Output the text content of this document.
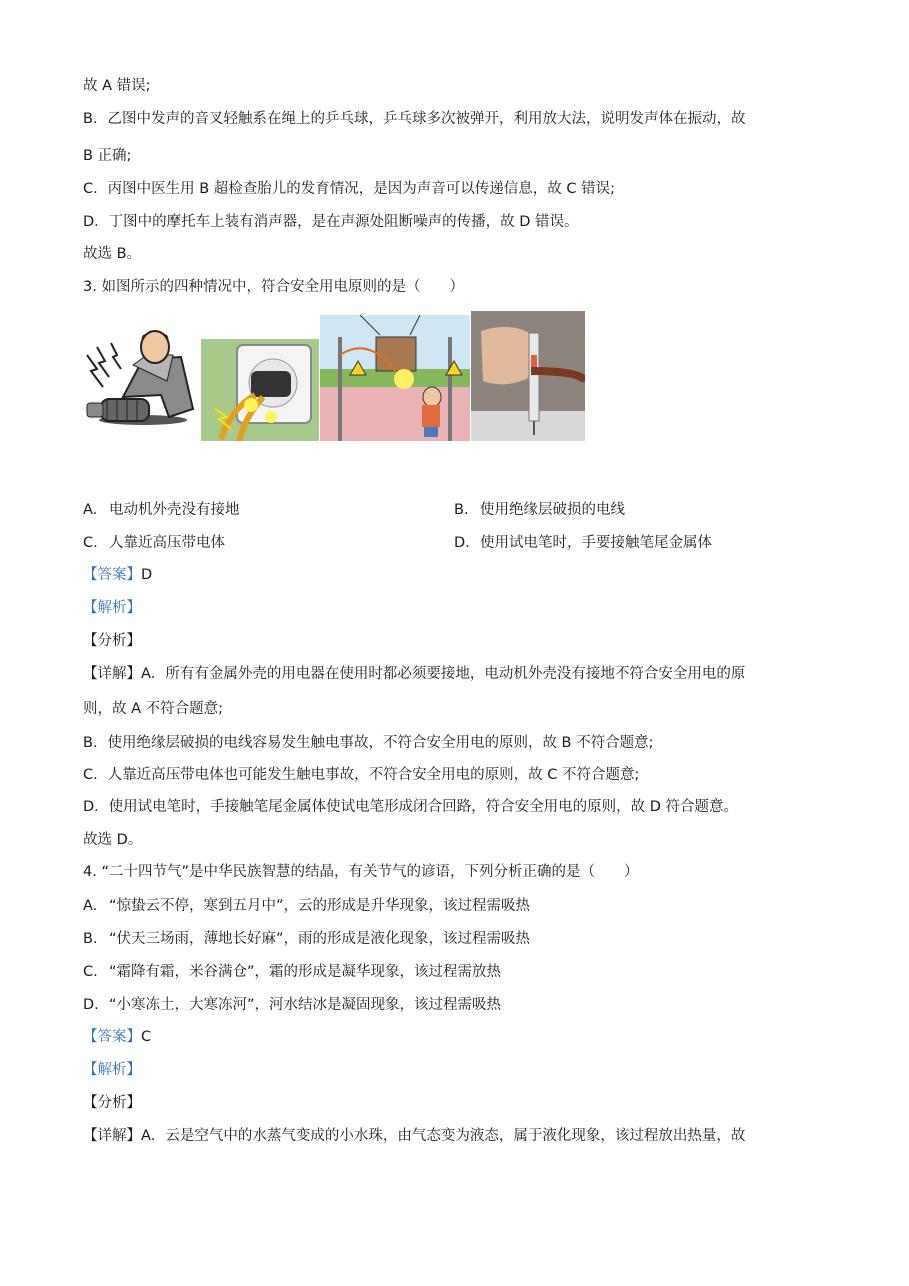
故 A 错误;
B．乙图中发声的音叉轻触系在绳上的乒乓球，乒乓球多次被弹开，利用放大法，说明发声体在振动，故
B 正确;
C．丙图中医生用 B 超检查胎儿的发育情况，是因为声音可以传递信息，故 C 错误;
D．丁图中的摩托车上装有消声器，是在声源处阻断噪声的传播，故 D 错误。
故选 B。
3. 如图所示的四种情况中，符合安全用电原则的是（　　）
A. 电动机外壳没有接地	B. 使用绝缘层破损的电线
C. 人靠近高压带电体	D. 使用试电笔时，手要接触笔尾金属体
【答案】D
【解析】
【分析】
【详解】A．所有有金属外壳的用电器在使用时都必须要接地，电动机外壳没有接地不符合安全用电的原
则，故 A 不符合题意;
B．使用绝缘层破损的电线容易发生触电事故，不符合安全用电的原则，故 B 不符合题意;
C．人靠近高压带电体也可能发生触电事故，不符合安全用电的原则，故 C 不符合题意;
D．使用试电笔时，手接触笔尾金属体使试电笔形成闭合回路，符合安全用电的原则，故 D 符合题意。
故选 D。
4. “二十四节气”是中华民族智慧的结晶，有关节气的谚语，下列分析正确的是（　　）
A. “惊蛰云不停，寒到五月中”，云的形成是升华现象，该过程需吸热
B. “伏天三场雨，薄地长好麻”，雨的形成是液化现象，该过程需吸热
C. “霜降有霜，米谷满仓”，霜的形成是凝华现象，该过程需放热
D. “小寒冻土，大寒冻河”，河水结冰是凝固现象，该过程需吸热
【答案】C
【解析】
【分析】
【详解】A．云是空气中的水蒸气变成的小水珠，由气态变为液态，属于液化现象，该过程放出热量，故
